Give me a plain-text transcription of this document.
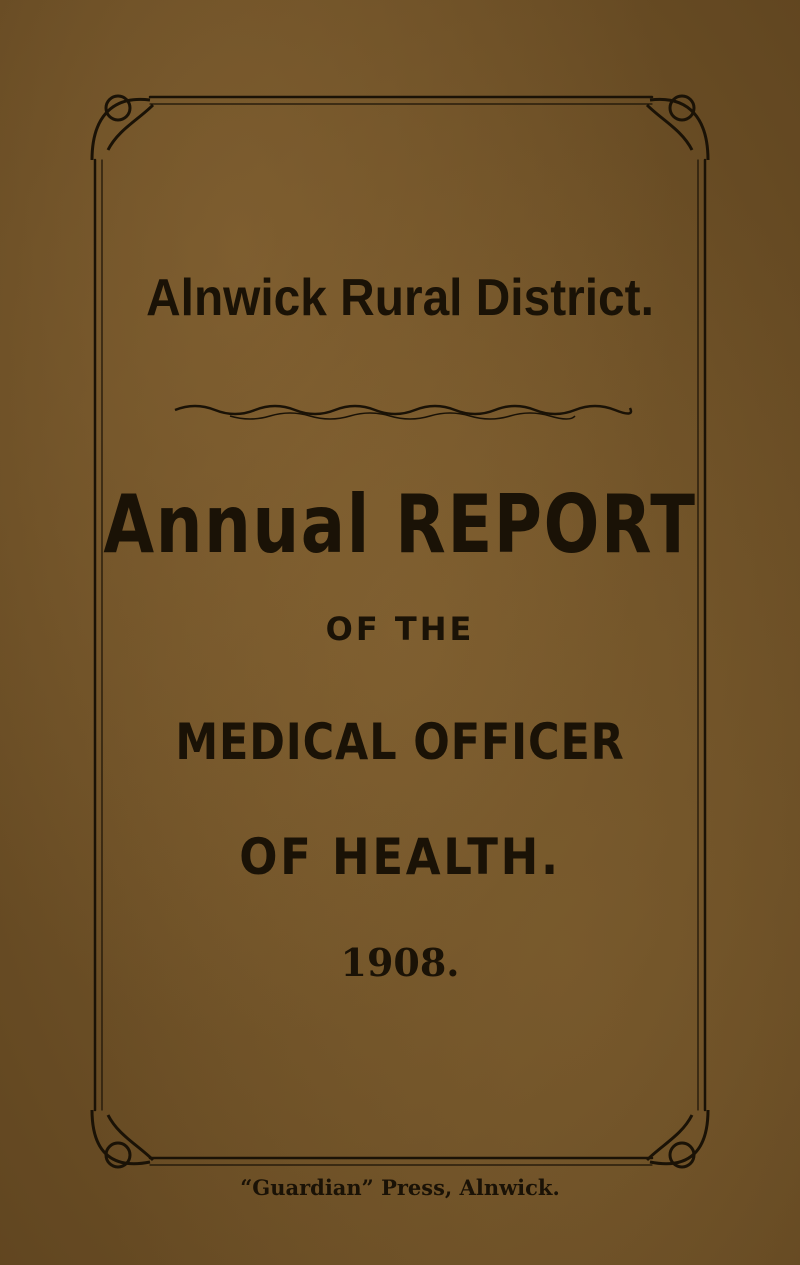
Alnwick Rural District.

Annual REPORT

OF THE

MEDICAL OFFICER

OF HEALTH.

1908.

“Guardian” Press, Alnwick.
